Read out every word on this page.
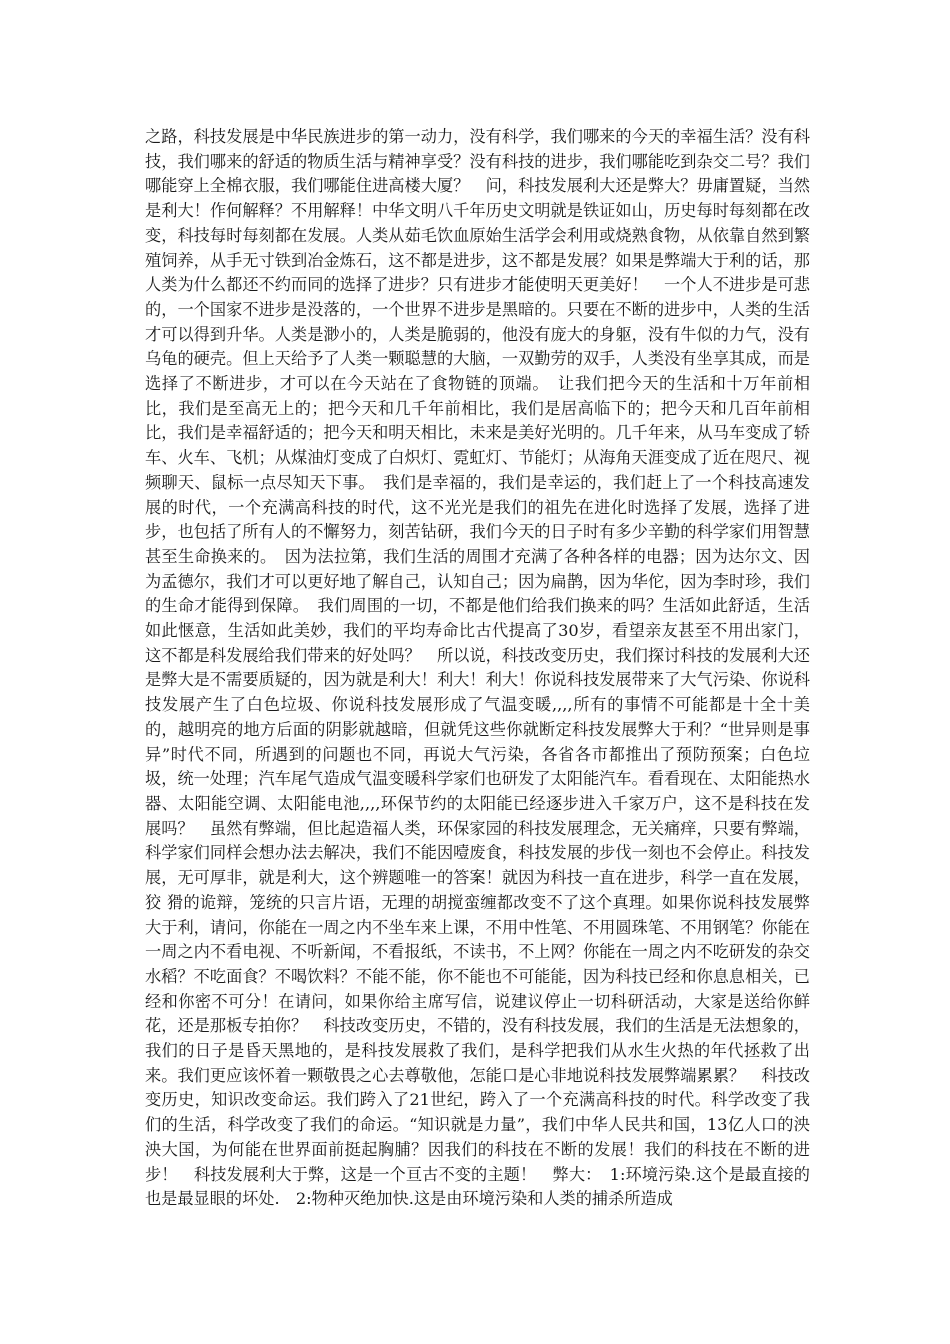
之路，科技发展是中华民族进步的第一动力，没有科学，我们哪来的今天的幸福生活？没有科技，我们哪来的舒适的物质生活与精神享受？没有科技的进步，我们哪能吃到杂交二号？我们哪能穿上全棉衣服，我们哪能住进高楼大厦？　问，科技发展利大还是弊大？毋庸置疑，当然是利大！作何解释？不用解释！中华文明八千年历史文明就是铁证如山，历史每时每刻都在改变，科技每时每刻都在发展。人类从茹毛饮血原始生活学会利用或烧熟食物，从依靠自然到繁殖饲养，从手无寸铁到冶金炼石，这不都是进步，这不都是发展？如果是弊端大于利的话，那人类为什么都还不约而同的选择了进步？只有进步才能使明天更美好！　一个人不进步是可悲的，一个国家不进步是没落的，一个世界不进步是黑暗的。只要在不断的进步中，人类的生活才可以得到升华。人类是渺小的，人类是脆弱的，他没有庞大的身躯，没有牛似的力气，没有乌龟的硬壳。但上天给予了人类一颗聪慧的大脑，一双勤劳的双手，人类没有坐享其成，而是选择了不断进步，才可以在今天站在了食物链的顶端。　让我们把今天的生活和十万年前相比，我们是至高无上的；把今天和几千年前相比，我们是居高临下的；把今天和几百年前相比，我们是幸福舒适的；把今天和明天相比，未来是美好光明的。几千年来，从马车变成了轿车、火车、飞机；从煤油灯变成了白炽灯、霓虹灯、节能灯；从海角天涯变成了近在咫尺、视频聊天、鼠标一点尽知天下事。　我们是幸福的，我们是幸运的，我们赶上了一个科技高速发展的时代，一个充满高科技的时代，这不光光是我们的祖先在进化时选择了发展，选择了进步，也包括了所有人的不懈努力，刻苦钻研，我们今天的日子时有多少辛勤的科学家们用智慧甚至生命换来的。　因为法拉第，我们生活的周围才充满了各种各样的电器；因为达尔文、因为孟德尔，我们才可以更好地了解自己，认知自己；因为扁鹊，因为华佗，因为李时珍，我们的生命才能得到保障。　我们周围的一切，不都是他们给我们换来的吗？生活如此舒适，生活如此惬意，生活如此美妙，我们的平均寿命比古代提高了30岁，看望亲友甚至不用出家门，这不都是科发展给我们带来的好处吗？　所以说，科技改变历史，我们探讨科技的发展利大还是弊大是不需要质疑的，因为就是利大！利大！利大！你说科技发展带来了大气污染、你说科技发展产生了白色垃圾、你说科技发展形成了气温变暖,,,,所有的事情不可能都是十全十美的，越明亮的地方后面的阴影就越暗，但就凭这些你就断定科技发展弊大于利？“世异则是事异”时代不同，所遇到的问题也不同，再说大气污染，各省各市都推出了预防预案；白色垃圾，统一处理；汽车尾气造成气温变暖科学家们也研发了太阳能汽车。看看现在、太阳能热水器、太阳能空调、太阳能电池,,,,环保节约的太阳能已经逐步进入千家万户，这不是科技在发展吗？　虽然有弊端，但比起造福人类，环保家园的科技发展理念，无关痛痒，只要有弊端，科学家们同样会想办法去解决，我们不能因噎废食，科技发展的步伐一刻也不会停止。科技发展，无可厚非，就是利大，这个辨题唯一的答案！就因为科技一直在进步，科学一直在发展，狡 猾的诡辩，笼统的只言片语，无理的胡搅蛮缠都改变不了这个真理。如果你说科技发展弊大于利，请问，你能在一周之内不坐车来上课，不用中性笔、不用圆珠笔、不用钢笔？你能在一周之内不看电视、不听新闻，不看报纸，不读书，不上网？你能在一周之内不吃研发的杂交水稻？不吃面食？不喝饮料？不能不能，你不能也不可能能，因为科技已经和你息息相关，已经和你密不可分！在请问，如果你给主席写信，说建议停止一切科研活动，大家是送给你鲜花，还是那板专拍你？　科技改变历史，不错的，没有科技发展，我们的生活是无法想象的，我们的日子是昏天黑地的，是科技发展救了我们，是科学把我们从水生火热的年代拯救了出来。我们更应该怀着一颗敬畏之心去尊敬他，怎能口是心非地说科技发展弊端累累？　科技改变历史，知识改变命运。我们跨入了21世纪，跨入了一个充满高科技的时代。科学改变了我们的生活，科学改变了我们的命运。“知识就是力量”，我们中华人民共和国，13亿人口的泱泱大国，为何能在世界面前挺起胸脯？因我们的科技在不断的发展！我们的科技在不断的进步！　科技发展利大于弊，这是一个亘古不变的主题！　弊大：　1:环境污染.这个是最直接的也是最显眼的坏处.　2:物种灭绝加快.这是由环境污染和人类的捕杀所造成
